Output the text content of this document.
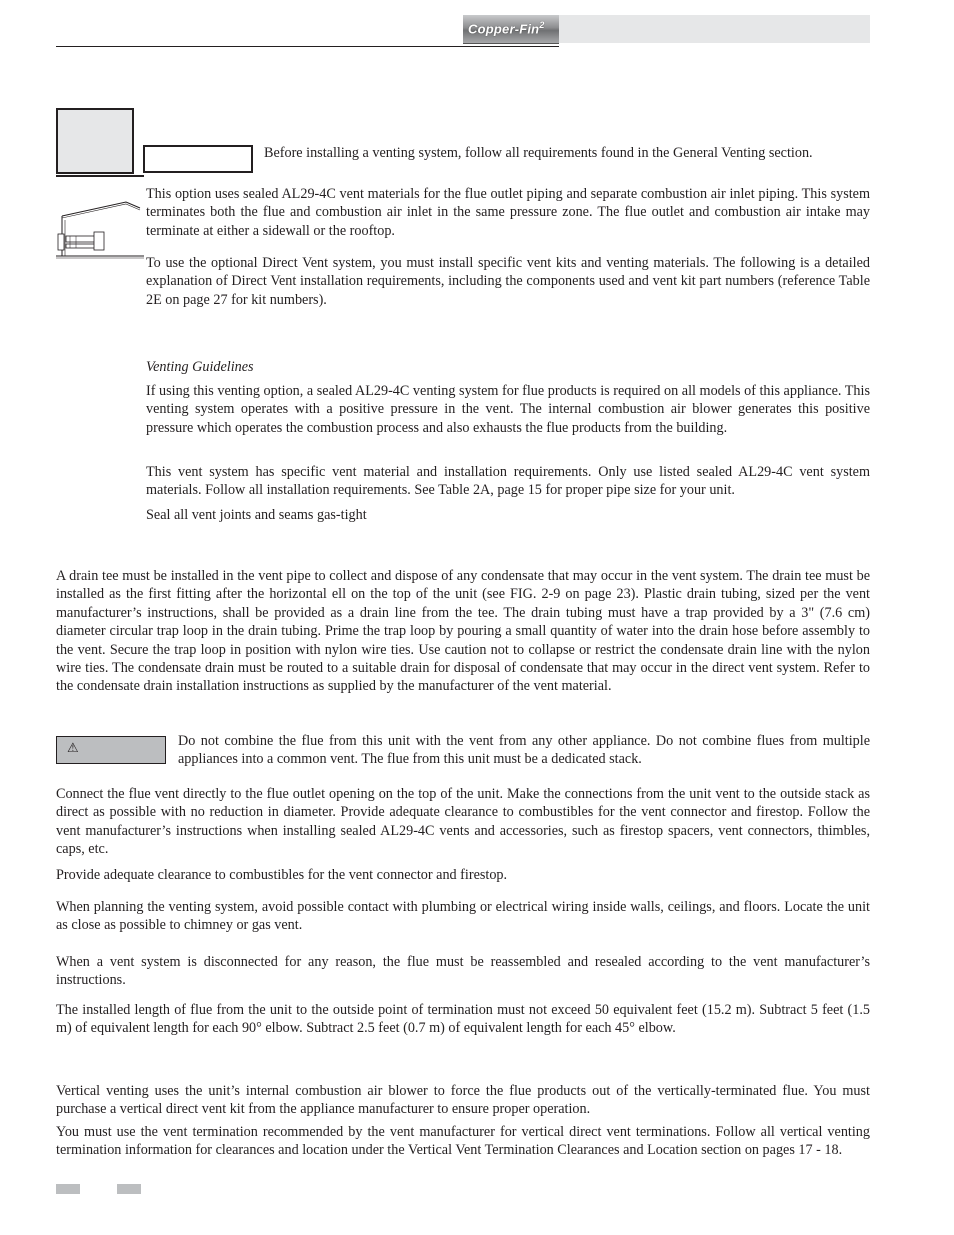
Copper-Fin$^2$

Before installing a venting system, follow all requirements found in the General Venting section.

This option uses sealed AL29-4C vent materials for the flue outlet piping and separate combustion air inlet piping. This system terminates both the flue and combustion air inlet in the same pressure zone. The flue outlet and combustion air intake may terminate at either a sidewall or the rooftop.

To use the optional Direct Vent system, you must install specific vent kits and venting materials. The following is a detailed explanation of Direct Vent installation requirements, including the components used and vent kit part numbers (reference Table 2E on page 27 for kit numbers).

Venting Guidelines

If using this venting option, a sealed AL29-4C venting system for flue products is required on all models of this appliance. This venting system operates with a positive pressure in the vent. The internal combustion air blower generates this positive pressure which operates the combustion process and also exhausts the flue products from the building.

This vent system has specific vent material and installation requirements. Only use listed sealed AL29-4C vent system materials. Follow all installation requirements. See Table 2A, page 15 for proper pipe size for your unit.

Seal all vent joints and seams gas-tight

A drain tee must be installed in the vent pipe to collect and dispose of any condensate that may occur in the vent system. The drain tee must be installed as the first fitting after the horizontal ell on the top of the unit (see FIG. 2-9 on page 23). Plastic drain tubing, sized per the vent manufacturer’s instructions, shall be provided as a drain line from the tee. The drain tubing must have a trap provided by a 3" (7.6 cm) diameter circular trap loop in the drain tubing. Prime the trap loop by pouring a small quantity of water into the drain hose before assembly to the vent. Secure the trap loop in position with nylon wire ties. Use caution not to collapse or restrict the condensate drain line with the nylon wire ties. The condensate drain must be routed to a suitable drain for disposal of condensate that may occur in the direct vent system. Refer to the condensate drain installation instructions as supplied by the manufacturer of the vent material.

⚠	Do not combine the flue from this unit with the vent from any other appliance. Do not combine flues from multiple appliances into a common vent. The flue from this unit must be a dedicated stack.

Connect the flue vent directly to the flue outlet opening on the top of the unit. Make the connections from the unit vent to the outside stack as direct as possible with no reduction in diameter. Provide adequate clearance to combustibles for the vent connector and firestop. Follow the vent manufacturer’s instructions when installing sealed AL29-4C vents and accessories, such as firestop spacers, vent connectors, thimbles, caps, etc.

Provide adequate clearance to combustibles for the vent connector and firestop.

When planning the venting system, avoid possible contact with plumbing or electrical wiring inside walls, ceilings, and floors. Locate the unit as close as possible to chimney or gas vent.

When a vent system is disconnected for any reason, the flue must be reassembled and resealed according to the vent manufacturer’s instructions.

The installed length of flue from the unit to the outside point of termination must not exceed 50 equivalent feet (15.2 m). Subtract 5 feet (1.5 m) of equivalent length for each 90° elbow. Subtract 2.5 feet (0.7 m) of equivalent length for each 45° elbow.

Vertical venting uses the unit’s internal combustion air blower to force the flue products out of the vertically-terminated flue. You must purchase a vertical direct vent kit from the appliance manufacturer to ensure proper operation.

You must use the vent termination recommended by the vent manufacturer for vertical direct vent terminations. Follow all vertical venting termination information for clearances and location under the Vertical Vent Termination Clearances and Location section on pages 17 - 18.
